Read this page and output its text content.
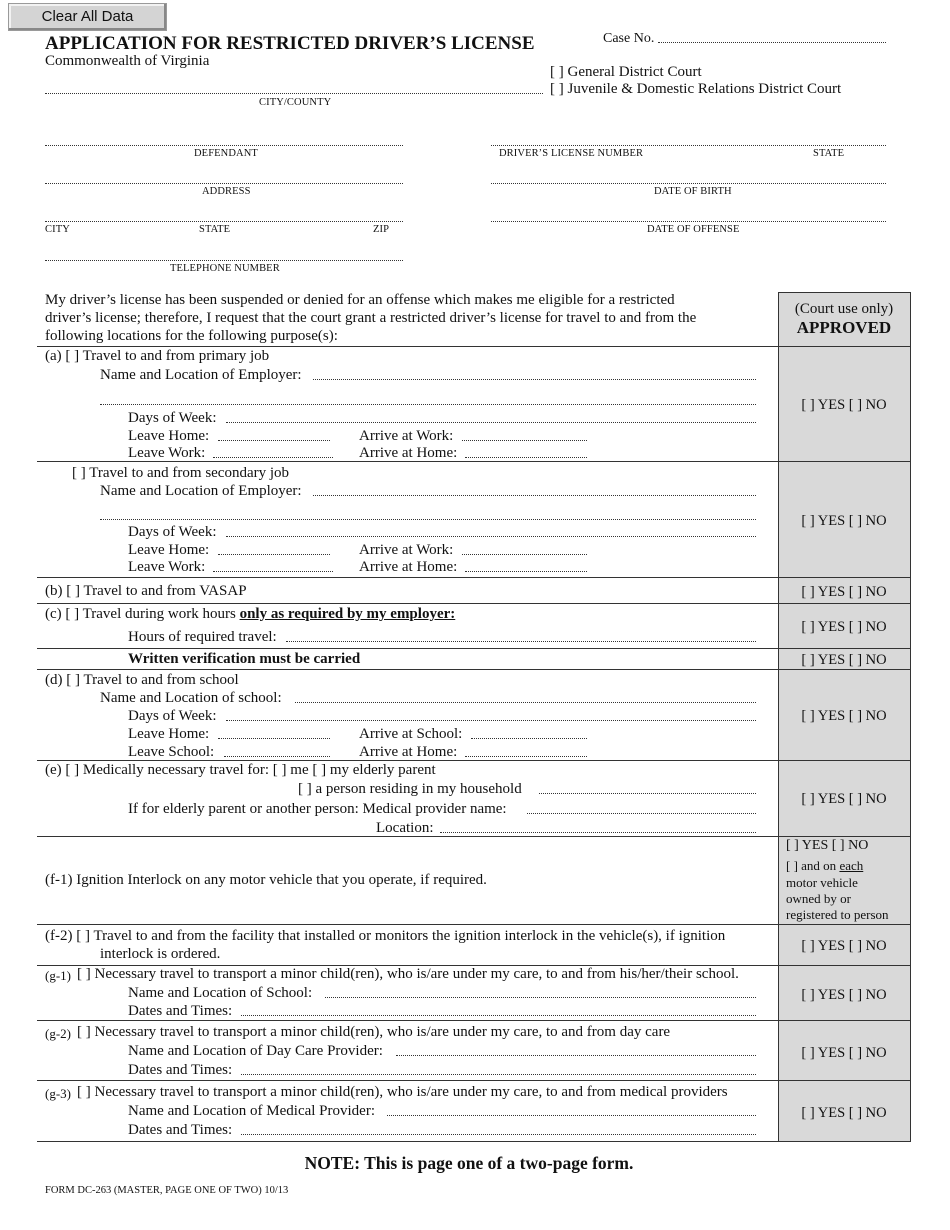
Clear All Data
APPLICATION FOR RESTRICTED DRIVER’S LICENSE
Commonwealth of Virginia
Case No.
[ ] General District Court
[ ] Juvenile & Domestic Relations District Court
CITY/COUNTY
DEFENDANT	DRIVER’S LICENSE NUMBER	STATE
ADDRESS	DATE OF BIRTH
CITY	STATE	ZIP	DATE OF OFFENSE
TELEPHONE NUMBER
(Court use only)
APPROVED
My driver’s license has been suspended or denied for an offense which makes me eligible for a restricted
driver’s license; therefore, I request that the court grant a restricted driver’s license for travel to and from the
following locations for the following purpose(s):
(a) [ ] Travel to and from primary job
Name and Location of Employer:
Days of Week:
Leave Home:	Arrive at Work:
Leave Work:	Arrive at Home:
[ ] YES [ ] NO
[ ] Travel to and from secondary job
Name and Location of Employer:
Days of Week:
Leave Home:	Arrive at Work:
Leave Work:	Arrive at Home:
[ ] YES [ ] NO
(b) [ ] Travel to and from VASAP	[ ] YES [ ] NO
(c) [ ] Travel during work hours only as required by my employer:
Hours of required travel:
[ ] YES [ ] NO
Written verification must be carried	[ ] YES [ ] NO
(d) [ ] Travel to and from school
Name and Location of school:
Days of Week:
Leave Home:	Arrive at School:
Leave School:	Arrive at Home:
[ ] YES [ ] NO
(e) [ ] Medically necessary travel for: [ ] me [ ] my elderly parent
[ ] a person residing in my household
If for elderly parent or another person: Medical provider name:
Location:
[ ] YES [ ] NO
(f-1) Ignition Interlock on any motor vehicle that you operate, if required.
[ ] YES [ ] NO
[ ] and on each
motor vehicle
owned by or
registered to person
(f-2) [ ] Travel to and from the facility that installed or monitors the ignition interlock in the vehicle(s), if ignition
interlock is ordered.	[ ] YES [ ] NO
(g-1) [ ] Necessary travel to transport a minor child(ren), who is/are under my care, to and from his/her/their school.
Name and Location of School:
Dates and Times:
[ ] YES [ ] NO
(g-2) [ ] Necessary travel to transport a minor child(ren), who is/are under my care, to and from day care
Name and Location of Day Care Provider:
Dates and Times:
[ ] YES [ ] NO
(g-3) [ ] Necessary travel to transport a minor child(ren), who is/are under my care, to and from medical providers
Name and Location of Medical Provider:
Dates and Times:
[ ] YES [ ] NO
NOTE: This is page one of a two-page form.
FORM DC-263 (MASTER, PAGE ONE OF TWO) 10/13
